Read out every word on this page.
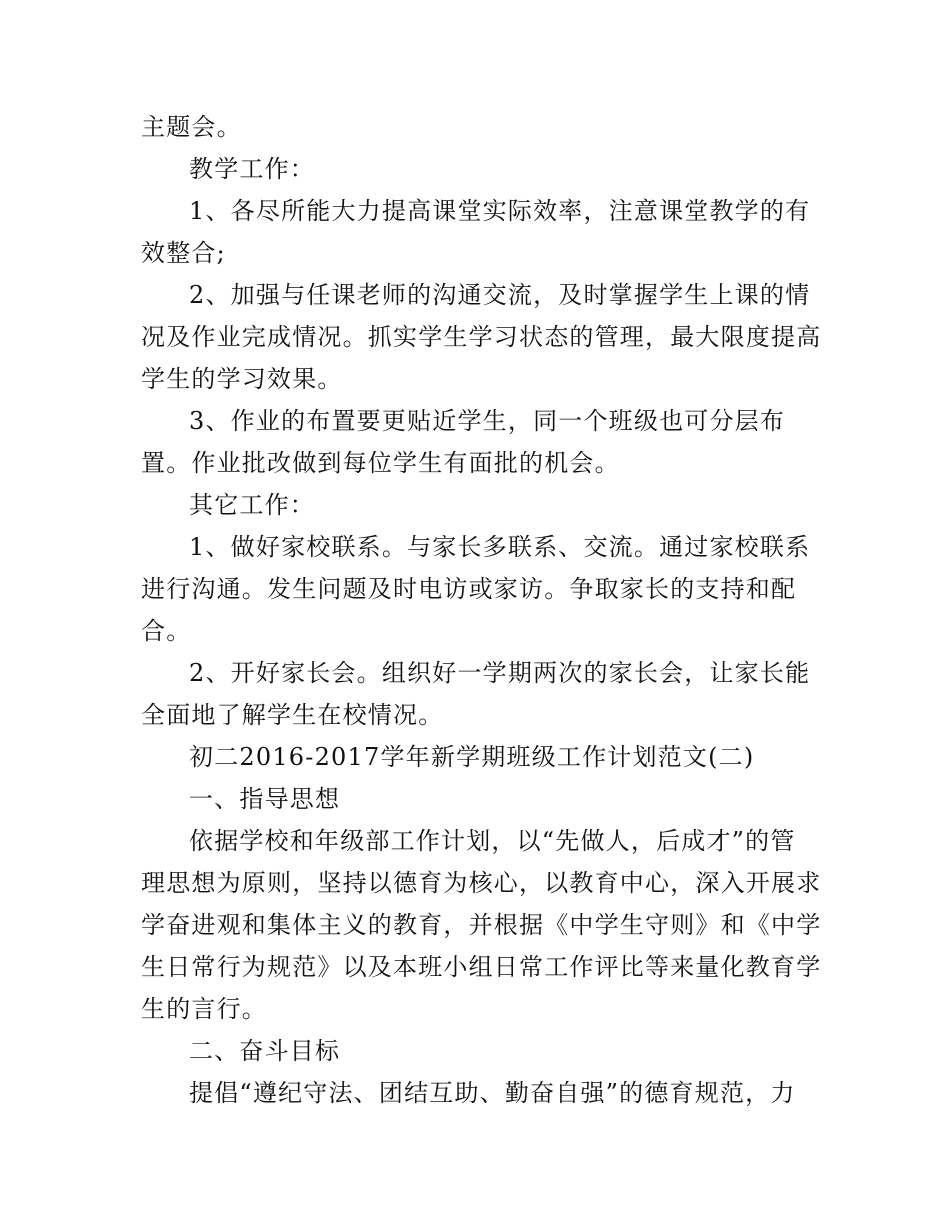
主题会。
教学工作：
1、各尽所能大力提高课堂实际效率，注意课堂教学的有
效整合;
2、加强与任课老师的沟通交流，及时掌握学生上课的情
况及作业完成情况。抓实学生学习状态的管理，最大限度提高
学生的学习效果。
3、作业的布置要更贴近学生，同一个班级也可分层布
置。作业批改做到每位学生有面批的机会。
其它工作：
1、做好家校联系。与家长多联系、交流。通过家校联系
进行沟通。发生问题及时电访或家访。争取家长的支持和配
合。
2、开好家长会。组织好一学期两次的家长会，让家长能
全面地了解学生在校情况。
初二2016-2017学年新学期班级工作计划范文(二)
一、指导思想
依据学校和年级部工作计划，以“先做人，后成才”的管
理思想为原则，坚持以德育为核心，以教育中心，深入开展求
学奋进观和集体主义的教育，并根据《中学生守则》和《中学
生日常行为规范》以及本班小组日常工作评比等来量化教育学
生的言行。
二、奋斗目标
提倡“遵纪守法、团结互助、勤奋自强”的德育规范，力
